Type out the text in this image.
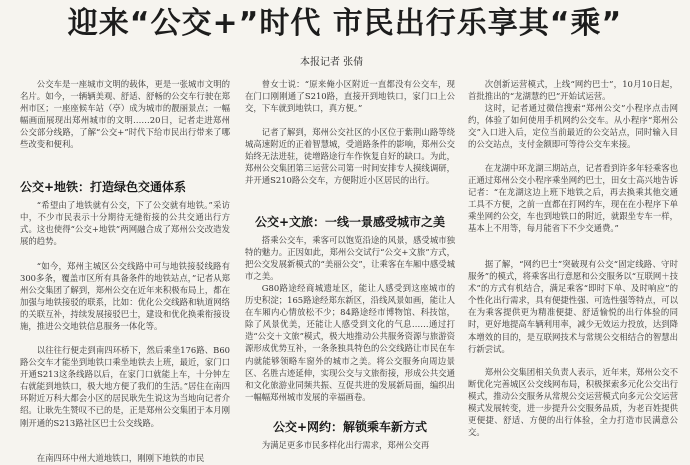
迎来“公交+”时代 市民出行乐享其“乘”
本报记者 张倩

公交车是一座城市文明的载体，更是一张城市文明的名片。如今，一辆辆美观、舒适、舒畅的公交车行驶在郑州市区；一座座候车站（亭）成为城市的靓丽景点；一幅幅画面展现出郑州城市的文明……20日，记者走进郑州公交部分线路，了解“公交+”时代下给市民出行带来了哪些改变和便利。

公交+地铁：打造绿色交通体系

“希望由了地铁就有公交，下了公交就有地铁。”采访中，不少市民表示十分期待无缝衔接的公共交通出行方式。这也使得“公交+地铁”两网融合成了郑州公交改造发展的趋势。

“如今，郑州主城区公交线路中可与地铁接驳线路有300多条，覆盖市区所有具备条件的地铁站点，”记者从郑州公交集团了解到，郑州公交在近年来积极布局上，都在加强与地铁接驳的联系，比如：优化公交线路和轨道网络的关联互补，持续发展接驳巴士，建设和优化换乘衔接设施，推进公交地铁信息服务一体化等。

以往往行便走到南四环桥下，然后乘坐176路、B60路公交车才能坐到地铁口乘坐地铁去上班，最近，家门口开通S213这条线路以后，在家门口就能上车，十分钟左右就能到地铁口，极大地方便了我们的生活。”居住在南四环附近万科大都会小区的居民耿先生说这为当地向记者介绍。让耿先生赞叹不已的是，正是郑州公交集团于本月刚刚开通的S213路社区巴士公交线路。

在南四环中州大道地铁口，刚刚下地铁的市民

曾女士说：“原来俺小区附近一直都没有公交车，现在门口刚刚通了S210路，直接开到地铁口，家门口上公交，下车就到地铁口，真方便。”

记者了解到，郑州公交社区的小区位于紫荆山路等绕城高速附近的正着智慧城，受道路条件的影响，郑州公交始终无法进驻，徒增路途行车作恢复自好的缺口。为此，郑州公交集团第三运营公司第一时间安排专人摸线调研，并开通S210路公交车，方便附近小区居民的出行。

公交+文旅：一线一景感受城市之美

搭乘公交车，乘客可以饱览沿途的风景，感受城市独特的魅力。正因如此，郑州公交试行“公交+文旅”方式，把公交发展新模式的“美丽公交”，让乘客在车厢中感受城市之美。

G80路途经商城遗址区，能让人感受到这座城市的历史积淀；165路途经郑东新区，沿线风景如画，能让人在车厢内心情放松不少；84路途经市博物馆、科技馆，除了风景优美，还能让人感受到文化的气息……通过打造“公交＋文旅”模式，极大地推动公共服务资源与旅游资源形成优势互补，一条条独具特色的公交线路让市民在车内就能够领略车窗外的城市之美。将公交服务向周边景区、名胜古迹延伸，实现公交与文旅衔接，形成公共交通和文化旅游业同频共振、互促共进的发展新局面，编织出一幅幅郑州城市发展的幸福画卷。

公交+网约：解锁乘车新方式

为满足更多市民多样化出行需求，郑州公交再

次创新运营模式，上线“网约巴士”，10月10日起，首批推出的“龙湖慧约巴”开始试运营。

这时，记者通过微信搜索“郑州公交”小程序点击网约，体验了如何使用手机网约公交车。从小程序“郑州公交”入口进入后，定位当前最近的公交站点，同时输入目的公交站点，支付金额即可等待公交车来接。

在龙湖中环龙湖三期站点，记者看到许多年轻乘客也正通过郑州公交小程序乘坐网约巴士，田女士高兴地告诉记者：“在龙湖这边上班下地铁之后，再去换乘其他交通工具不方便，之前一直都在打网约车，现在在小程序下单乘坐网约公交，车也到地铁口的附近，就跟坐专车一样，基本上不用等，每月能省下不少交通费。”

据了解，“网约巴士”突破现有公交“固定线路、守时服务”的模式，将乘客出行意愿和公交服务以“互联网＋技术”的方式有机结合，满足乘客“即时下单、及时响应”的个性化出行需求，具有便捷性强、可选性强等特点，可以在为乘客提供更为精准便捷、舒适愉悦的出行体验的同时，更好地提高车辆利用率，减少无效运力投放，达到降本增效的目的，是互联网技术与常规公交相结合的智慧出行新尝试。

郑州公交集团相关负责人表示，近年来，郑州公交不断优化完善城区公交线网布局，积极探索多元化公交出行模式，推动公交服务从常规公交运营模式向多元公交运营模式发展转变，进一步提升公交服务品质，为老百姓提供更便捷、舒适、方便的出行体验，全力打造市民满意公交。
